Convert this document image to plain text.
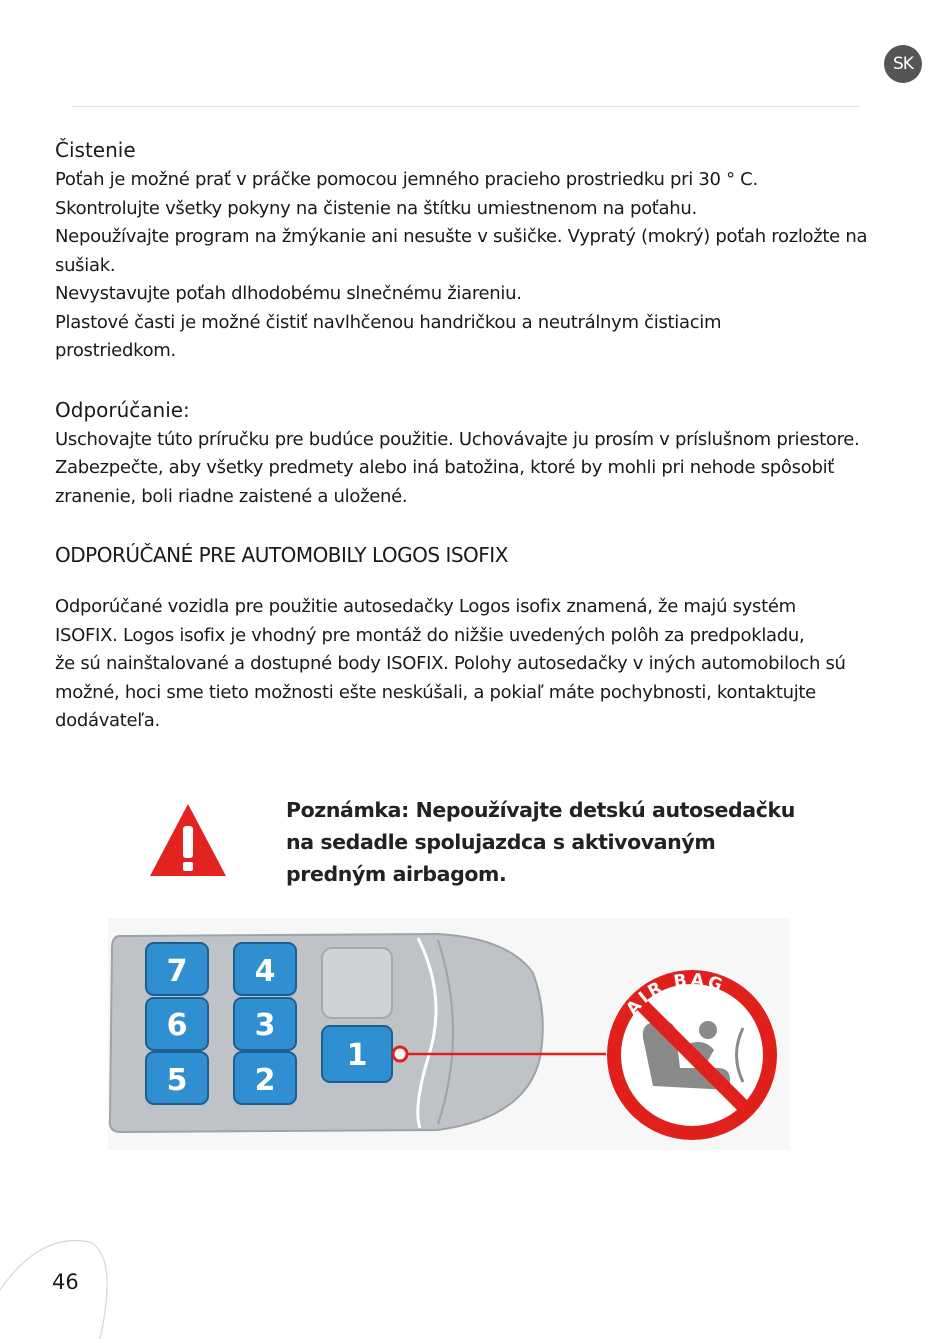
SK
Čistenie

Poťah je možné prať v práčke pomocou jemného pracieho prostriedku pri 30 ° C.

Skontrolujte všetky pokyny na čistenie na štítku umiestnenom na poťahu.

Nepoužívajte program na žmýkanie ani nesušte v sušičke. Vypratý (mokrý) poťah rozložte na sušiak.

Nevystavujte poťah dlhodobému slnečnému žiareniu.

Plastové časti je možné čistiť navlhčenou handričkou a neutrálnym čistiacim prostriedkom.

Odporúčanie:

Uschovajte túto príručku pre budúce použitie. Uchovávajte ju prosím v príslušnom priestore.

Zabezpečte, aby všetky predmety alebo iná batožina, ktoré by mohli pri nehode spôsobiť zranenie, boli riadne zaistené a uložené.

ODPORÚČANÉ PRE AUTOMOBILY LOGOS ISOFIX

Odporúčané vozidla pre použitie autosedačky Logos isofix znamená, že majú systém ISOFIX. Logos isofix je vhodný pre montáž do nižšie uvedených polôh za predpokladu,

že sú nainštalované a dostupné body ISOFIX. Polohy autosedačky v iných automobiloch sú možné, hoci sme tieto možnosti ešte neskúšali, a pokiaľ máte pochybnosti, kontaktujte dodávateľa.

Poznámka: Nepoužívajte detskú autosedačku na sedadle spolujazdca s aktivovaným predným airbagom.
7 4
6 3
5 2
1
AIR BAG
46
